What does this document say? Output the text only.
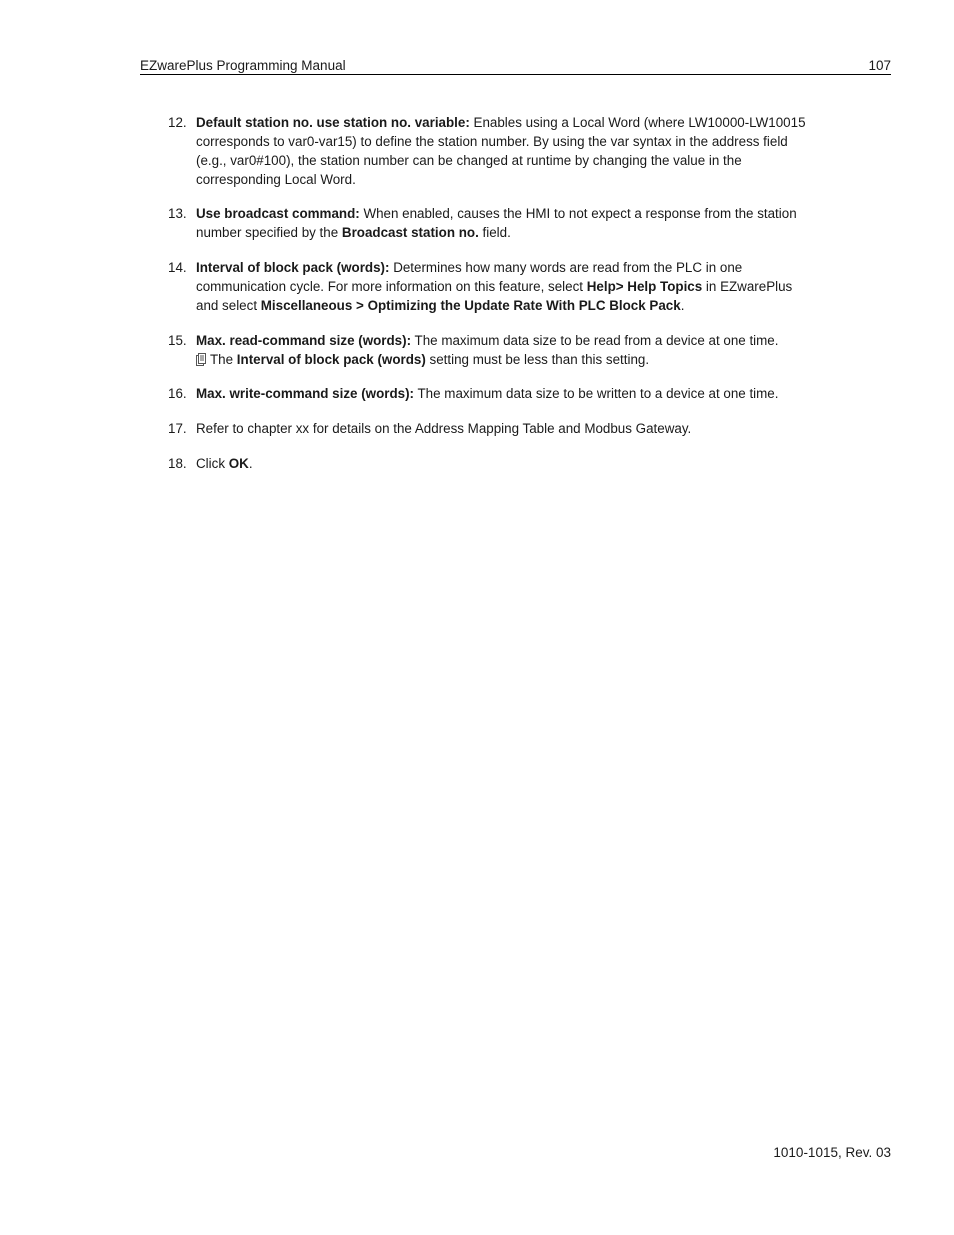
EZwarePlus Programming Manual	107
12. Default station no. use station no. variable: Enables using a Local Word (where LW10000-LW10015
corresponds to var0-var15) to define the station number. By using the var syntax in the address field
(e.g., var0#100), the station number can be changed at runtime by changing the value in the
corresponding Local Word.
13. Use broadcast command: When enabled, causes the HMI to not expect a response from the station
number specified by the Broadcast station no. field.
14. Interval of block pack (words): Determines how many words are read from the PLC in one
communication cycle. For more information on this feature, select Help> Help Topics in EZwarePlus
and select Miscellaneous > Optimizing the Update Rate With PLC Block Pack.
15. Max. read-command size (words): The maximum data size to be read from a device at one time.
The Interval of block pack (words) setting must be less than this setting.
16. Max. write-command size (words): The maximum data size to be written to a device at one time.
17. Refer to chapter xx for details on the Address Mapping Table and Modbus Gateway.
18. Click OK.
1010-1015, Rev. 03
